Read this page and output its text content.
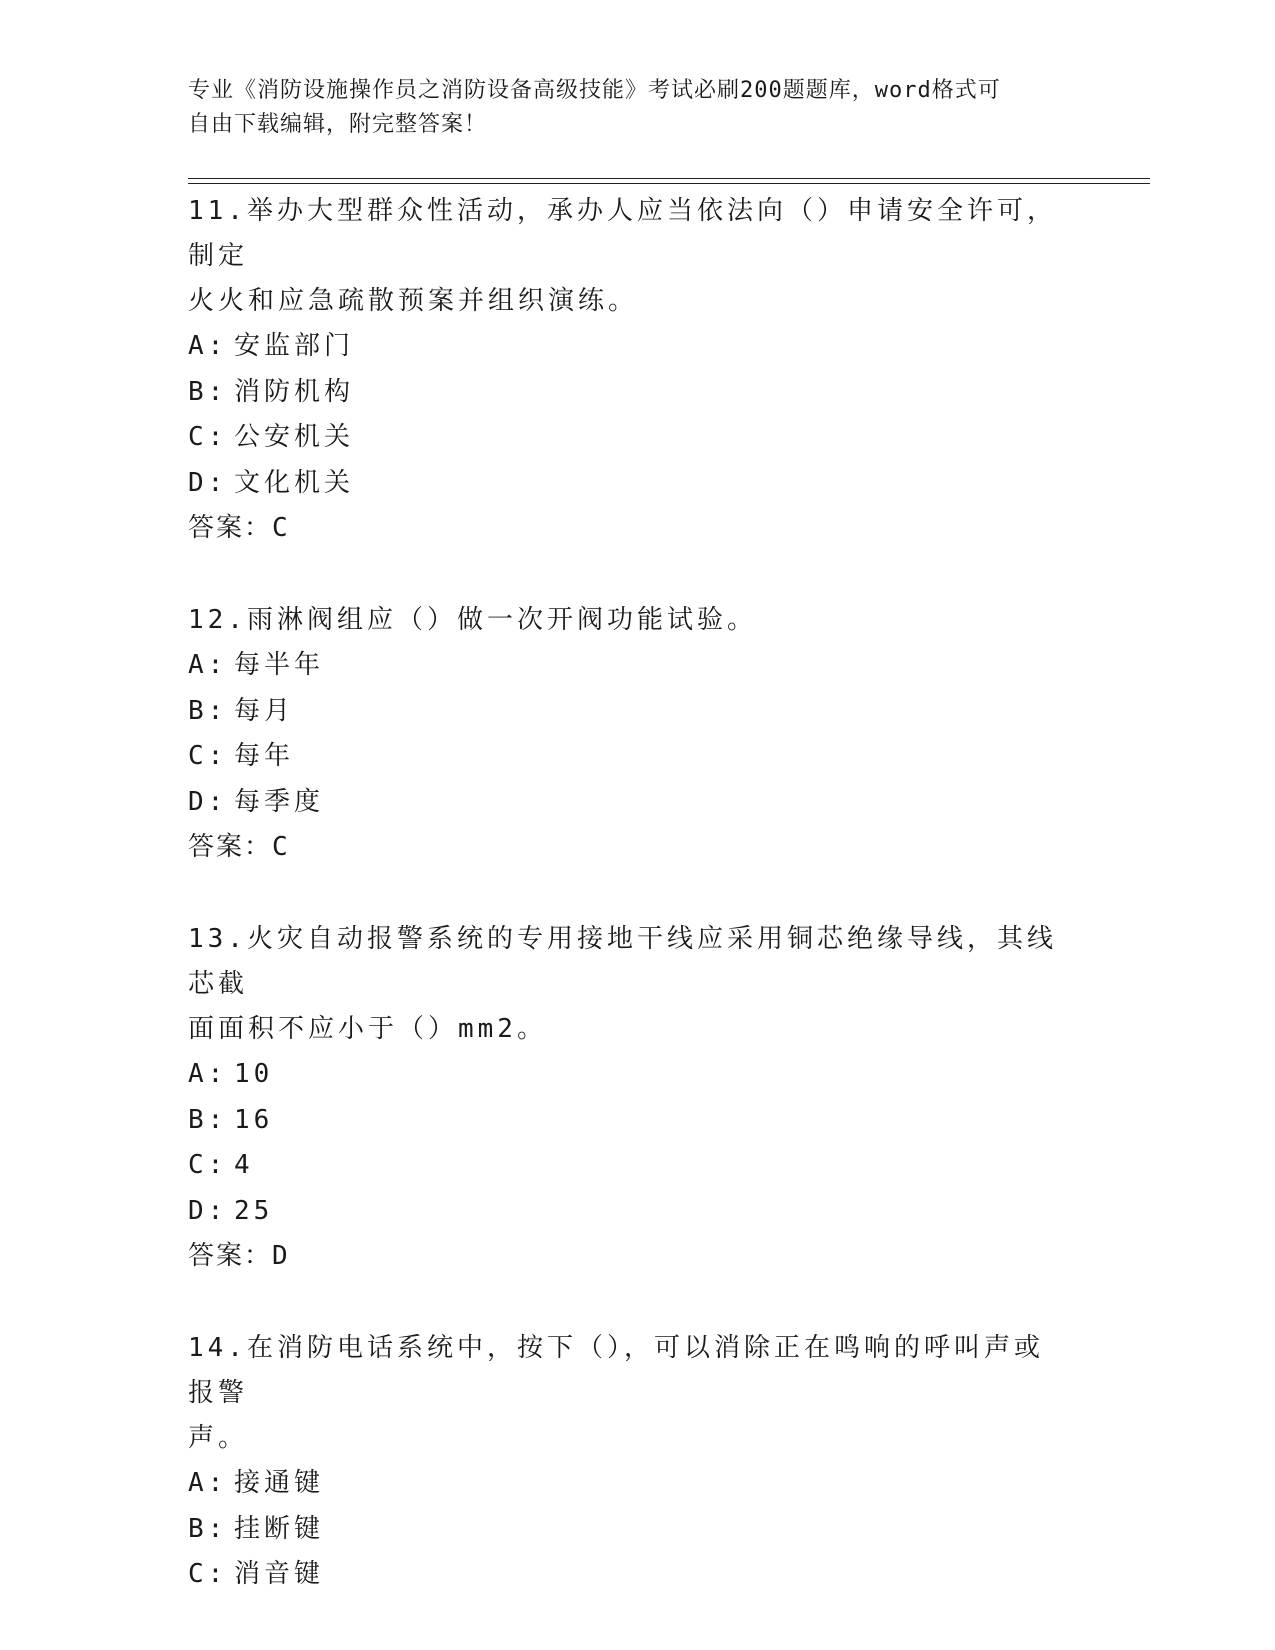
专业《消防设施操作员之消防设备高级技能》考试必刷200题题库，word格式可
自由下载编辑，附完整答案！
11.举办大型群众性活动，承办人应当依法向（）申请安全许可，制定
火火和应急疏散预案并组织演练。
A: 安监部门
B: 消防机构
C: 公安机关
D: 文化机关
答案：C
12.雨淋阀组应（）做一次开阀功能试验。
A: 每半年
B: 每月
C: 每年
D: 每季度
答案：C
13.火灾自动报警系统的专用接地干线应采用铜芯绝缘导线，其线芯截
面面积不应小于（）mm2。
A: 10
B: 16
C: 4
D: 25
答案：D
14.在消防电话系统中，按下（），可以消除正在鸣响的呼叫声或报警
声。
A: 接通键
B: 挂断键
C: 消音键
